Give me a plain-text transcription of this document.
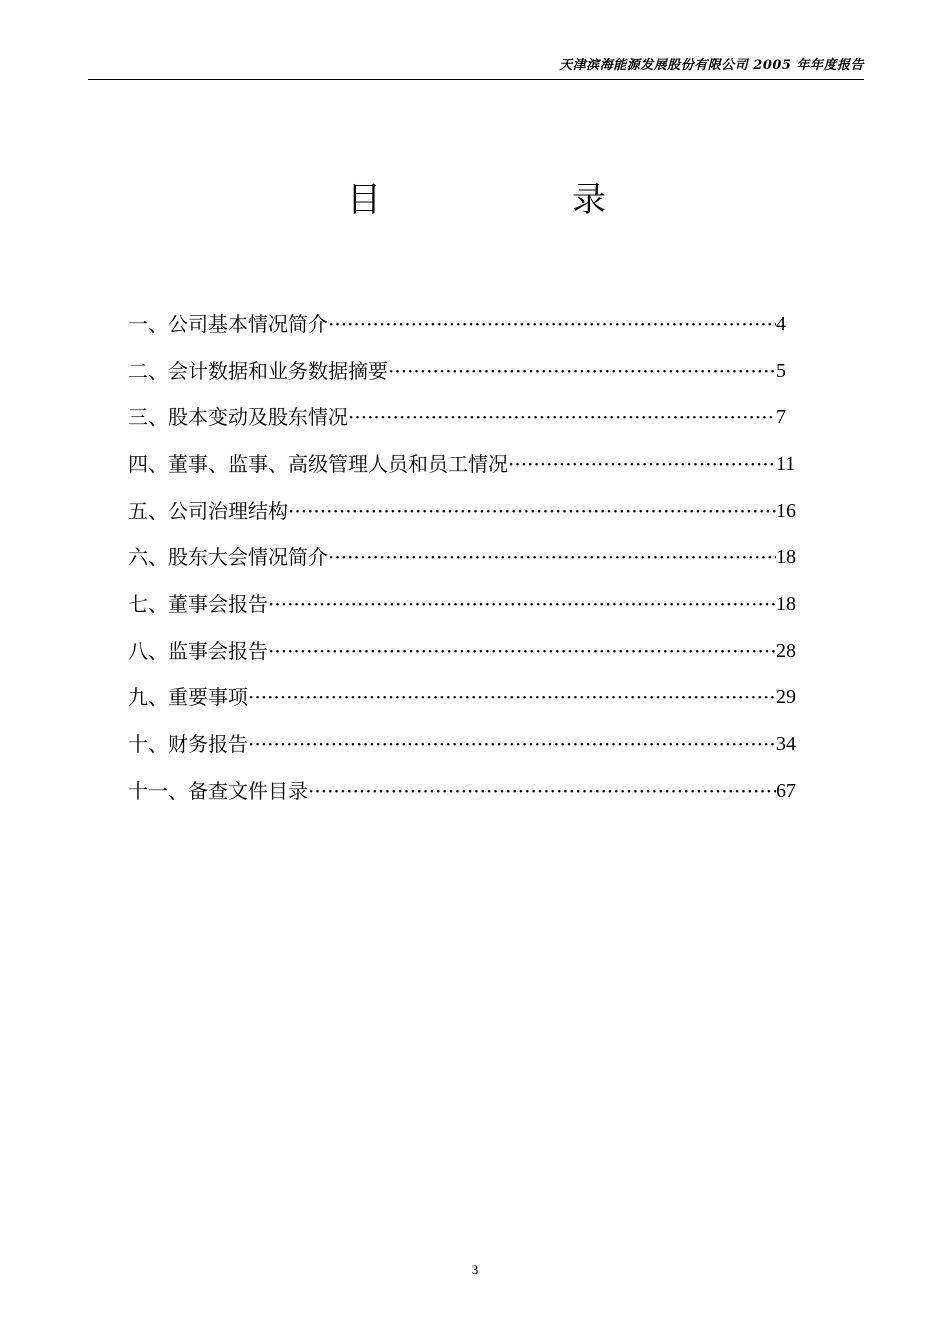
天津滨海能源发展股份有限公司 2005 年年度报告
目	录
一、公司基本情况简介 ·····	4
二、会计数据和业务数据摘要 ·····	5
三、股本变动及股东情况 ·····	7
四、董事、监事、高级管理人员和员工情况 ·····	11
五、公司治理结构 ·····	16
六、股东大会情况简介 ·····	18
七、董事会报告 ·····	18
八、监事会报告 ·····	28
九、重要事项 ·····	29
十、财务报告 ·····	34
十一、备查文件目录 ·····	67
3
